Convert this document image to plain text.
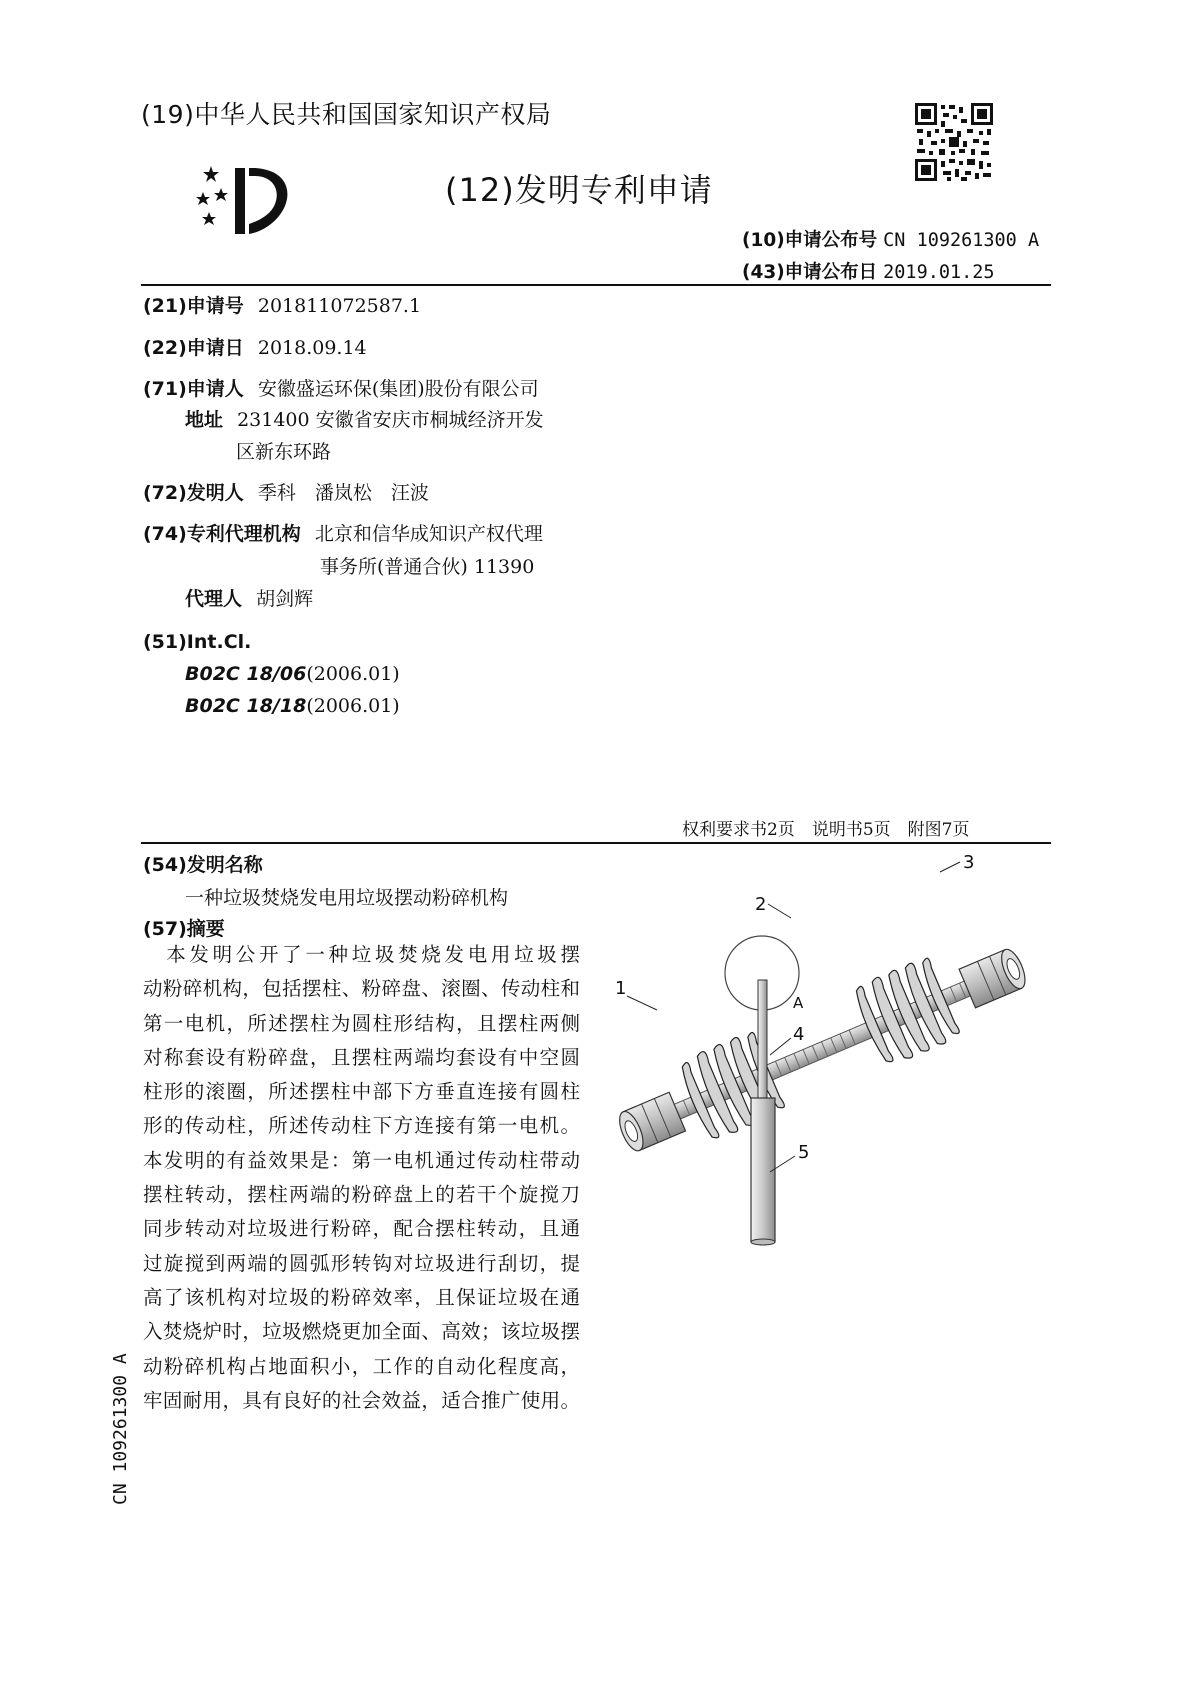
(19)中华人民共和国国家知识产权局
(12)发明专利申请
(10)申请公布号 CN 109261300 A
(43)申请公布日 2019.01.25
(21)申请号 201811072587.1
(22)申请日 2018.09.14
(71)申请人 安徽盛运环保(集团)股份有限公司
地址 231400 安徽省安庆市桐城经济开发
区新东环路
(72)发明人 季科　潘岚松　汪波
(74)专利代理机构 北京和信华成知识产权代理
事务所(普通合伙) 11390
代理人 胡剑辉
(51)Int.Cl.
B02C 18/06(2006.01)
B02C 18/18(2006.01)
权利要求书2页　说明书5页　附图7页
(54)发明名称
一种垃圾焚烧发电用垃圾摆动粉碎机构
(57)摘要

　本发明公开了一种垃圾焚烧发电用垃圾摆

动粉碎机构，包括摆柱、粉碎盘、滚圈、传动柱和

第一电机，所述摆柱为圆柱形结构，且摆柱两侧

对称套设有粉碎盘，且摆柱两端均套设有中空圆

柱形的滚圈，所述摆柱中部下方垂直连接有圆柱

形的传动柱，所述传动柱下方连接有第一电机。

本发明的有益效果是：第一电机通过传动柱带动

摆柱转动，摆柱两端的粉碎盘上的若干个旋搅刀

同步转动对垃圾进行粉碎，配合摆柱转动，且通

过旋搅到两端的圆弧形转钩对垃圾进行刮切，提

高了该机构对垃圾的粉碎效率，且保证垃圾在通

入焚烧炉时，垃圾燃烧更加全面、高效；该垃圾摆

动粉碎机构占地面积小，工作的自动化程度高，

牢固耐用，具有良好的社会效益，适合推广使用。

CN 109261300 A
1
2
3
4
5
A
